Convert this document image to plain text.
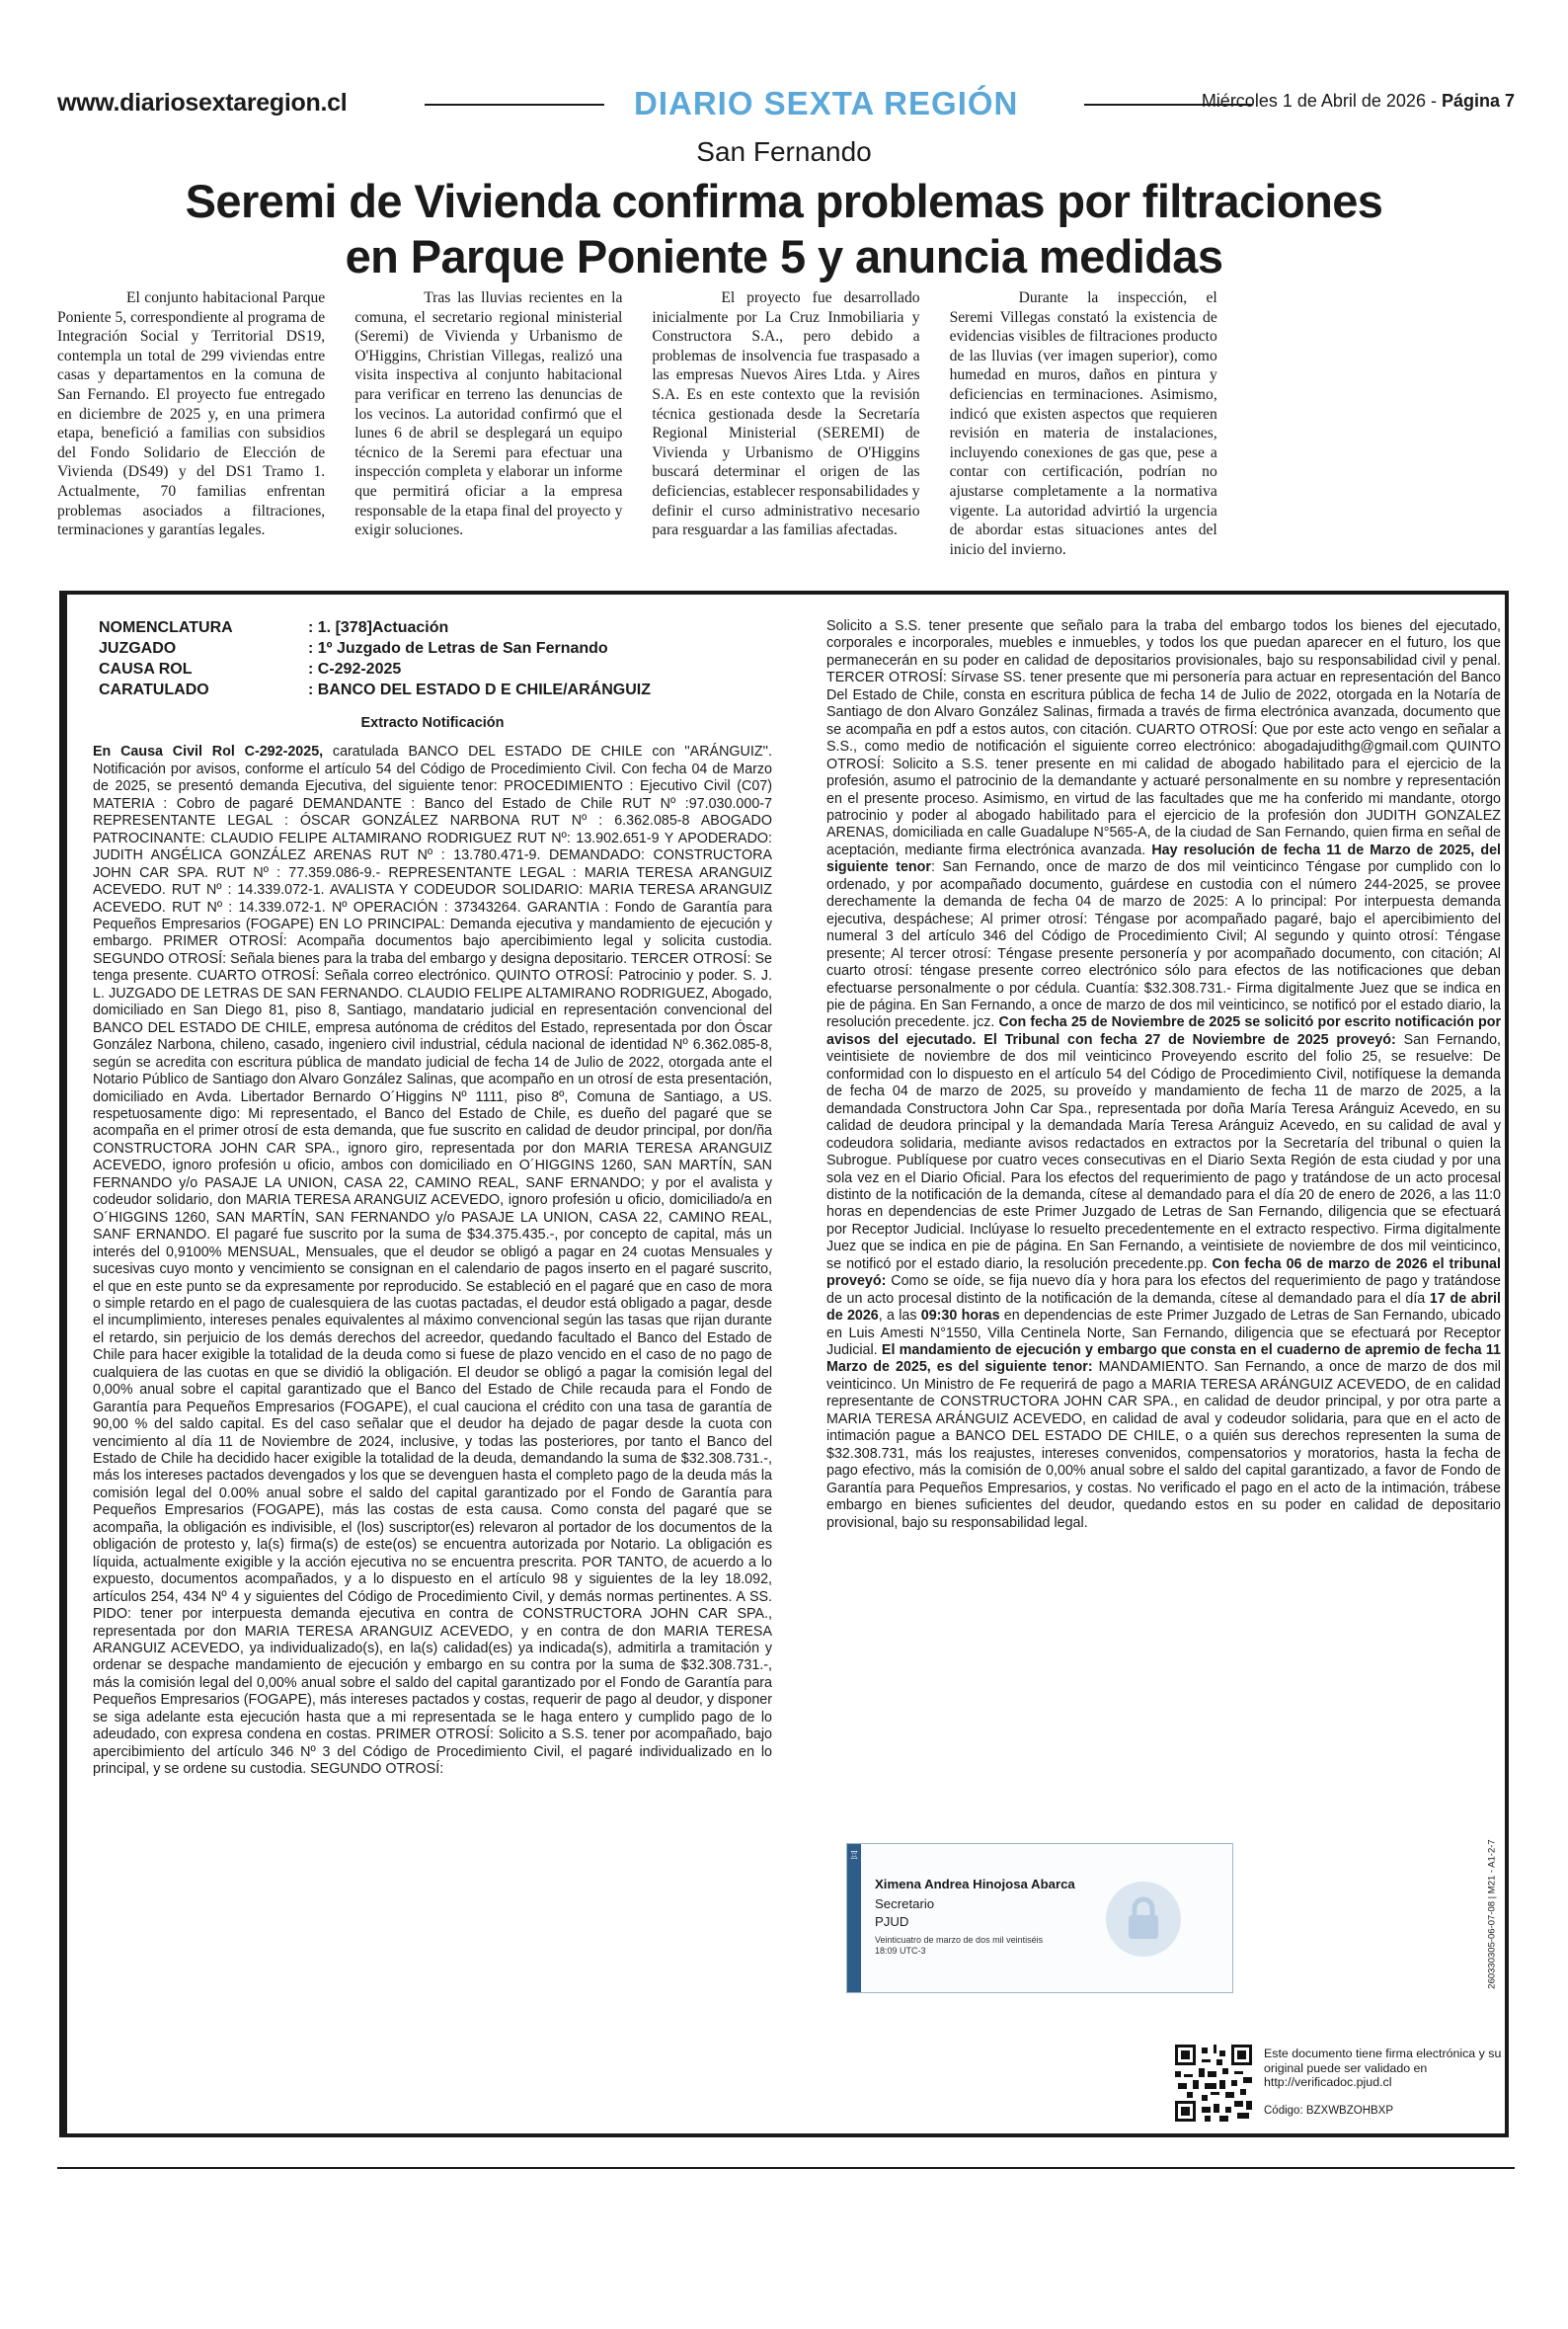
www.diariosextaregion.cl	DIARIO SEXTA REGIÓN	Miércoles 1 de Abril de 2026 - Página 7
San Fernando
Seremi de Vivienda confirma problemas por filtraciones
en Parque Poniente 5 y anuncia medidas

El conjunto habitacional Parque Poniente 5, correspondiente al programa de Integración Social y Territorial DS19, contempla un total de 299 viviendas entre casas y departamentos en la comuna de San Fernando. El proyecto fue entregado en diciembre de 2025 y, en una primera etapa, benefició a familias con subsidios del Fondo Solidario de Elección de Vivienda (DS49) y del DS1 Tramo 1. Actualmente, 70 familias enfrentan problemas asociados a filtraciones, terminaciones y garantías legales.

Tras las lluvias recientes en la comuna, el secretario regional ministerial (Seremi) de Vivienda y Urbanismo de O'Higgins, Christian Villegas, realizó una visita inspectiva al conjunto habitacional para verificar en terreno las denuncias de los vecinos. La autoridad confirmó que el lunes 6 de abril se desplegará un equipo técnico de la Seremi para efectuar una inspección completa y elaborar un informe que permitirá oficiar a la empresa responsable de la etapa final del proyecto y exigir soluciones.

El proyecto fue desarrollado inicialmente por La Cruz Inmobiliaria y Constructora S.A., pero debido a problemas de insolvencia fue traspasado a las empresas Nuevos Aires Ltda. y Aires S.A. Es en este contexto que la revisión técnica gestionada desde la Secretaría Regional Ministerial (SEREMI) de Vivienda y Urbanismo de O'Higgins buscará determinar el origen de las deficiencias, establecer responsabilidades y definir el curso administrativo necesario para resguardar a las familias afectadas.

Durante la inspección, el Seremi Villegas constató la existencia de evidencias visibles de filtraciones producto de las lluvias (ver imagen superior), como humedad en muros, daños en pintura y deficiencias en terminaciones. Asimismo, indicó que existen aspectos que requieren revisión en materia de instalaciones, incluyendo conexiones de gas que, pese a contar con certificación, podrían no ajustarse completamente a la normativa vigente. La autoridad advirtió la urgencia de abordar estas situaciones antes del inicio del invierno.

NOMENCLATURA	: 1. [378]Actuación
JUZGADO	: 1º Juzgado de Letras de San Fernando
CAUSA ROL	: C-292-2025
CARATULADO	: BANCO DEL ESTADO D E CHILE/ARÁNGUIZ
Extracto Notificación

En Causa Civil Rol C-292-2025, caratulada BANCO DEL ESTADO DE CHILE con ''ARÁNGUIZ''. Notificación por avisos, conforme el artículo 54 del Código de Procedimiento Civil. Con fecha 04 de Marzo de 2025, se presentó demanda Ejecutiva, del siguiente tenor: PROCEDIMIENTO : Ejecutivo Civil (C07) MATERIA : Cobro de pagaré DEMANDANTE : Banco del Estado de Chile RUT Nº :97.030.000-7 REPRESENTANTE LEGAL : ÓSCAR GONZÁLEZ NARBONA RUT Nº : 6.362.085-8 ABOGADO PATROCINANTE: CLAUDIO FELIPE ALTAMIRANO RODRIGUEZ RUT Nº: 13.902.651-9 Y APODERADO: JUDITH ANGÉLICA GONZÁLEZ ARENAS RUT Nº : 13.780.471-9. DEMANDADO: CONSTRUCTORA JOHN CAR SPA. RUT Nº : 77.359.086-9.- REPRESENTANTE LEGAL : MARIA TERESA ARANGUIZ ACEVEDO. RUT Nº : 14.339.072-1. AVALISTA Y CODEUDOR SOLIDARIO: MARIA TERESA ARANGUIZ ACEVEDO. RUT Nº : 14.339.072-1. Nº OPERACIÓN : 37343264. GARANTIA : Fondo de Garantía para Pequeños Empresarios (FOGAPE) EN LO PRINCIPAL: Demanda ejecutiva y mandamiento de ejecución y embargo. PRIMER OTROSÍ: Acompaña documentos bajo apercibimiento legal y solicita custodia. SEGUNDO OTROSÍ: Señala bienes para la traba del embargo y designa depositario. TERCER OTROSÍ: Se tenga presente. CUARTO OTROSÍ: Señala correo electrónico. QUINTO OTROSÍ: Patrocinio y poder. S. J. L. JUZGADO DE LETRAS DE SAN FERNANDO. CLAUDIO FELIPE ALTAMIRANO RODRIGUEZ, Abogado, domiciliado en San Diego 81, piso 8, Santiago, mandatario judicial en representación convencional del BANCO DEL ESTADO DE CHILE, empresa autónoma de créditos del Estado, representada por don Óscar González Narbona, chileno, casado, ingeniero civil industrial, cédula nacional de identidad Nº 6.362.085-8, según se acredita con escritura pública de mandato judicial de fecha 14 de Julio de 2022, otorgada ante el Notario Público de Santiago don Alvaro González Salinas, que acompaño en un otrosí de esta presentación, domiciliado en Avda. Libertador Bernardo O´Higgins Nº 1111, piso 8º, Comuna de Santiago, a US. respetuosamente digo: Mi representado, el Banco del Estado de Chile, es dueño del pagaré que se acompaña en el primer otrosí de esta demanda, que fue suscrito en calidad de deudor principal, por don/ña CONSTRUCTORA JOHN CAR SPA., ignoro giro, representada por don MARIA TERESA ARANGUIZ ACEVEDO, ignoro profesión u oficio, ambos con domiciliado en O´HIGGINS 1260, SAN MARTÍN, SAN FERNANDO y/o PASAJE LA UNION, CASA 22, CAMINO REAL, SANF ERNANDO; y por el avalista y codeudor solidario, don MARIA TERESA ARANGUIZ ACEVEDO, ignoro profesión u oficio, domiciliado/a en O´HIGGINS 1260, SAN MARTÍN, SAN FERNANDO y/o PASAJE LA UNION, CASA 22, CAMINO REAL, SANF ERNANDO. El pagaré fue suscrito por la suma de $34.375.435.-, por concepto de capital, más un interés del 0,9100% MENSUAL, Mensuales, que el deudor se obligó a pagar en 24 cuotas Mensuales y sucesivas cuyo monto y vencimiento se consignan en el calendario de pagos inserto en el pagaré suscrito, el que en este punto se da expresamente por reproducido. Se estableció en el pagaré que en caso de mora o simple retardo en el pago de cualesquiera de las cuotas pactadas, el deudor está obligado a pagar, desde el incumplimiento, intereses penales equivalentes al máximo convencional según las tasas que rijan durante el retardo, sin perjuicio de los demás derechos del acreedor, quedando facultado el Banco del Estado de Chile para hacer exigible la totalidad de la deuda como si fuese de plazo vencido en el caso de no pago de cualquiera de las cuotas en que se dividió la obligación. El deudor se obligó a pagar la comisión legal del 0,00% anual sobre el capital garantizado que el Banco del Estado de Chile recauda para el Fondo de Garantía para Pequeños Empresarios (FOGAPE), el cual cauciona el crédito con una tasa de garantía de 90,00 % del saldo capital. Es del caso señalar que el deudor ha dejado de pagar desde la cuota con vencimiento al día 11 de Noviembre de 2024, inclusive, y todas las posteriores, por tanto el Banco del Estado de Chile ha decidido hacer exigible la totalidad de la deuda, demandando la suma de $32.308.731.-, más los intereses pactados devengados y los que se devenguen hasta el completo pago de la deuda más la comisión legal del 0.00% anual sobre el saldo del capital garantizado por el Fondo de Garantía para Pequeños Empresarios (FOGAPE), más las costas de esta causa. Como consta del pagaré que se acompaña, la obligación es indivisible, el (los) suscriptor(es) relevaron al portador de los documentos de la obligación de protesto y, la(s) firma(s) de este(os) se encuentra autorizada por Notario. La obligación es líquida, actualmente exigible y la acción ejecutiva no se encuentra prescrita. POR TANTO, de acuerdo a lo expuesto, documentos acompañados, y a lo dispuesto en el artículo 98 y siguientes de la ley 18.092, artículos 254, 434 Nº 4 y siguientes del Código de Procedimiento Civil, y demás normas pertinentes. A SS. PIDO: tener por interpuesta demanda ejecutiva en contra de CONSTRUCTORA JOHN CAR SPA., representada por don MARIA TERESA ARANGUIZ ACEVEDO, y en contra de don MARIA TERESA ARANGUIZ ACEVEDO, ya individualizado(s), en la(s) calidad(es) ya indicada(s), admitirla a tramitación y ordenar se despache mandamiento de ejecución y embargo en su contra por la suma de $32.308.731.-, más la comisión legal del 0,00% anual sobre el saldo del capital garantizado por el Fondo de Garantía para Pequeños Empresarios (FOGAPE), más intereses pactados y costas, requerir de pago al deudor, y disponer se siga adelante esta ejecución hasta que a mi representada se le haga entero y cumplido pago de lo adeudado, con expresa condena en costas. PRIMER OTROSÍ: Solicito a S.S. tener por acompañado, bajo apercibimiento del artículo 346 Nº 3 del Código de Procedimiento Civil, el pagaré individualizado en lo principal, y se ordene su custodia. SEGUNDO OTROSÍ:

Solicito a S.S. tener presente que señalo para la traba del embargo todos los bienes del ejecutado, corporales e incorporales, muebles e inmuebles, y todos los que puedan aparecer en el futuro, los que permanecerán en su poder en calidad de depositarios provisionales, bajo su responsabilidad civil y penal. TERCER OTROSÍ: Sírvase SS. tener presente que mi personería para actuar en representación del Banco Del Estado de Chile, consta en escritura pública de fecha 14 de Julio de 2022, otorgada en la Notaría de Santiago de don Alvaro González Salinas, firmada a través de firma electrónica avanzada, documento que se acompaña en pdf a estos autos, con citación. CUARTO OTROSÍ: Que por este acto vengo en señalar a S.S., como medio de notificación el siguiente correo electrónico: abogadajudithg@gmail.com QUINTO OTROSÍ: Solicito a S.S. tener presente en mi calidad de abogado habilitado para el ejercicio de la profesión, asumo el patrocinio de la demandante y actuaré personalmente en su nombre y representación en el presente proceso. Asimismo, en virtud de las facultades que me ha conferido mi mandante, otorgo patrocinio y poder al abogado habilitado para el ejercicio de la profesión don JUDITH GONZALEZ ARENAS, domiciliada en calle Guadalupe N°565-A, de la ciudad de San Fernando, quien firma en señal de aceptación, mediante firma electrónica avanzada. Hay resolución de fecha 11 de Marzo de 2025, del siguiente tenor: San Fernando, once de marzo de dos mil veinticinco Téngase por cumplido con lo ordenado, y por acompañado documento, guárdese en custodia con el número 244-2025, se provee derechamente la demanda de fecha 04 de marzo de 2025: A lo principal: Por interpuesta demanda ejecutiva, despáchese; Al primer otrosí: Téngase por acompañado pagaré, bajo el apercibimiento del numeral 3 del artículo 346 del Código de Procedimiento Civil; Al segundo y quinto otrosí: Téngase presente; Al tercer otrosí: Téngase presente personería y por acompañado documento, con citación; Al cuarto otrosí: téngase presente correo electrónico sólo para efectos de las notificaciones que deban efectuarse personalmente o por cédula. Cuantía: $32.308.731.- Firma digitalmente Juez que se indica en pie de página. En San Fernando, a once de marzo de dos mil veinticinco, se notificó por el estado diario, la resolución precedente. jcz. Con fecha 25 de Noviembre de 2025 se solicitó por escrito notificación por avisos del ejecutado. El Tribunal con fecha 27 de Noviembre de 2025 proveyó: San Fernando, veintisiete de noviembre de dos mil veinticinco Proveyendo escrito del folio 25, se resuelve: De conformidad con lo dispuesto en el artículo 54 del Código de Procedimiento Civil, notifíquese la demanda de fecha 04 de marzo de 2025, su proveído y mandamiento de fecha 11 de marzo de 2025, a la demandada Constructora John Car Spa., representada por doña María Teresa Aránguiz Acevedo, en su calidad de deudora principal y la demandada María Teresa Aránguiz Acevedo, en su calidad de aval y codeudora solidaria, mediante avisos redactados en extractos por la Secretaría del tribunal o quien la Subrogue. Publíquese por cuatro veces consecutivas en el Diario Sexta Región de esta ciudad y por una sola vez en el Diario Oficial. Para los efectos del requerimiento de pago y tratándose de un acto procesal distinto de la notificación de la demanda, cítese al demandado para el día 20 de enero de 2026, a las 11:0 horas en dependencias de este Primer Juzgado de Letras de San Fernando, diligencia que se efectuará por Receptor Judicial. Inclúyase lo resuelto precedentemente en el extracto respectivo. Firma digitalmente Juez que se indica en pie de página. En San Fernando, a veintisiete de noviembre de dos mil veinticinco, se notificó por el estado diario, la resolución precedente.pp. Con fecha 06 de marzo de 2026 el tribunal proveyó: Como se oíde, se fija nuevo día y hora para los efectos del requerimiento de pago y tratándose de un acto procesal distinto de la notificación de la demanda, cítese al demandado para el día 17 de abril de 2026, a las 09:30 horas en dependencias de este Primer Juzgado de Letras de San Fernando, ubicado en Luis Amesti N°1550, Villa Centinela Norte, San Fernando, diligencia que se efectuará por Receptor Judicial. El mandamiento de ejecución y embargo que consta en el cuaderno de apremio de fecha 11 Marzo de 2025, es del siguiente tenor: MANDAMIENTO. San Fernando, a once de marzo de dos mil veinticinco. Un Ministro de Fe requerirá de pago a MARIA TERESA ARÁNGUIZ ACEVEDO, de en calidad representante de CONSTRUCTORA JOHN CAR SPA., en calidad de deudor principal, y por otra parte a MARIA TERESA ARÁNGUIZ ACEVEDO, en calidad de aval y codeudor solidaria, para que en el acto de intimación pague a BANCO DEL ESTADO DE CHILE, o a quién sus derechos representen la suma de $32.308.731, más los reajustes, intereses convenidos, compensatorios y moratorios, hasta la fecha de pago efectivo, más la comisión de 0,00% anual sobre el saldo del capital garantizado, a favor de Fondo de Garantía para Pequeños Empresarios, y costas. No verificado el pago en el acto de la intimación, trábese embargo en bienes suficientes del deudor, quedando estos en su poder en calidad de depositario provisional, bajo su responsabilidad legal.
♖
Ximena Andrea Hinojosa Abarca
Secretario
PJUD
Veinticuatro de marzo de dos mil veintiséis
18:09 UTC-3	260330305-06-07-08 | M21 - A1-2-7
Este documento tiene firma electrónica y su original puede ser validado en http://verificadoc.pjud.cl
Código: BZXWBZOHBXP
